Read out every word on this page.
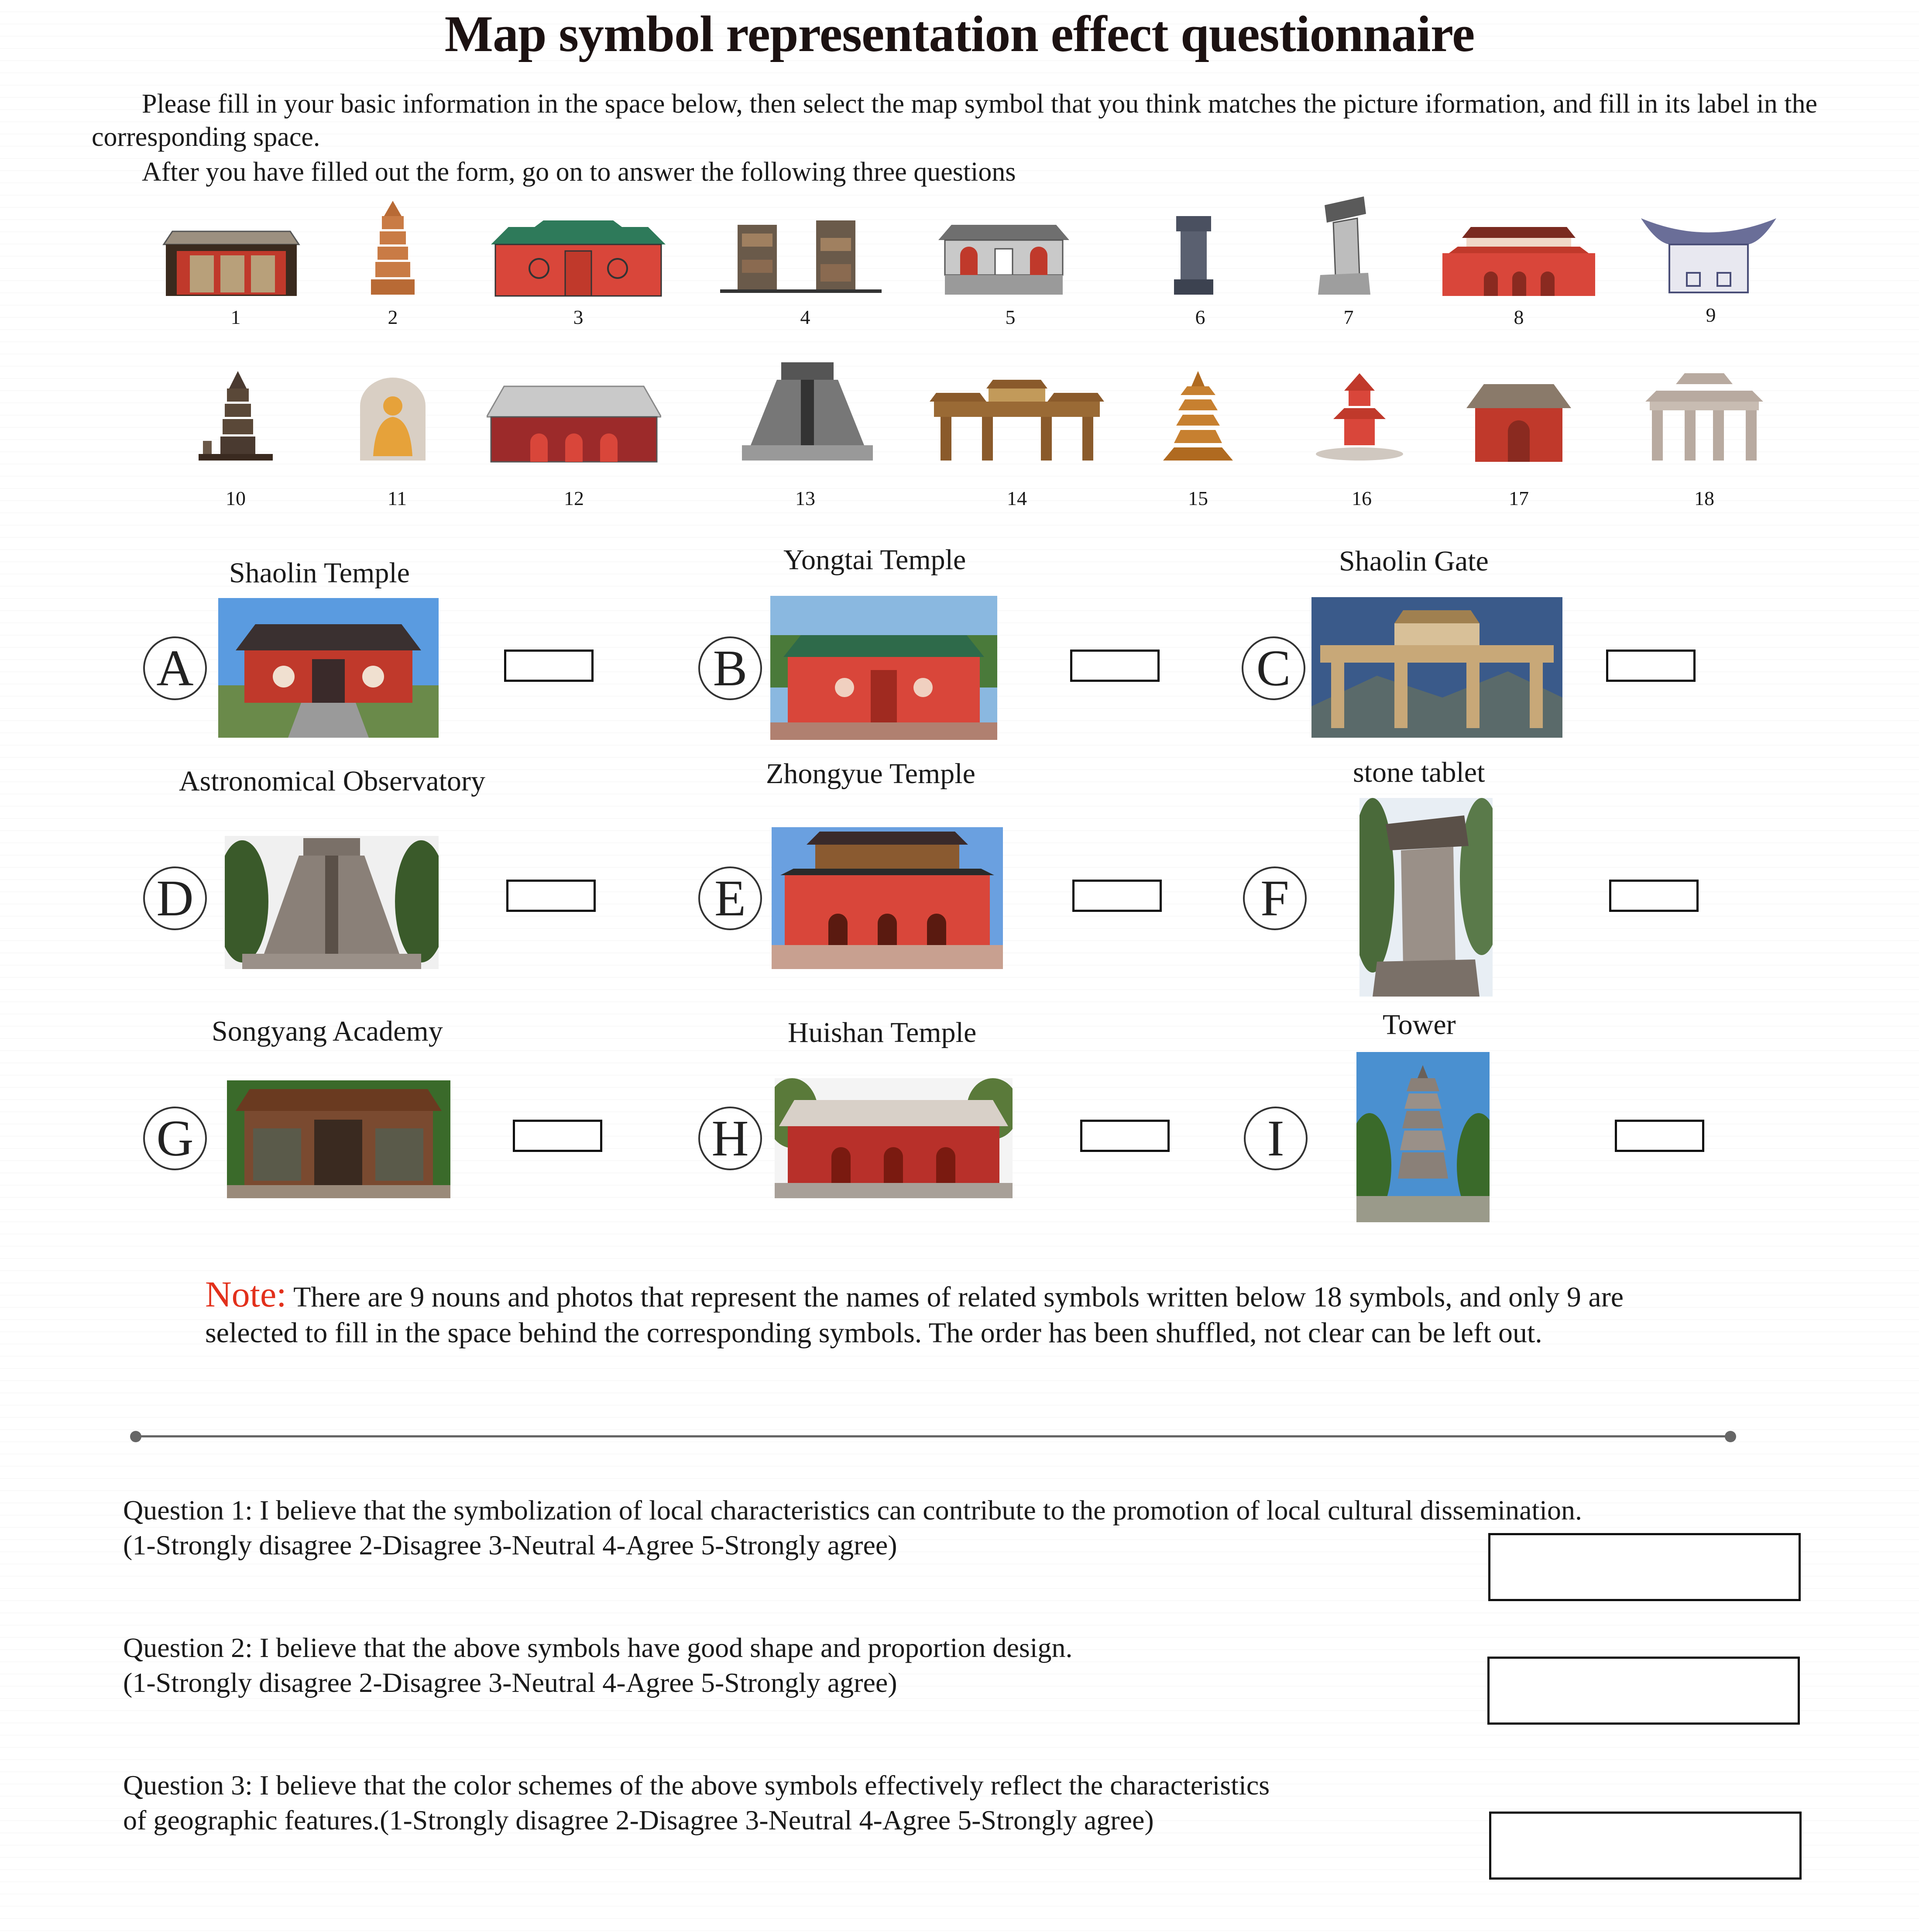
Map symbol representation effect questionnaire
Please fill in your basic information in the space below, then select the map symbol that you think matches the picture iformation, and fill in its label in the corresponding space.
After you have filled out the form, go on to answer the following three questions
1	2	3	4	5	6	7	8	9
10	11	12	13	14	15	16	17	18
Shaolin Temple
A
Yongtai Temple
B
Shaolin Gate
C
Astronomical Observatory
D
Zhongyue Temple
E
stone tablet
F
Songyang Academy
G
Huishan Temple
H
Tower
I
Note: There are 9 nouns and photos that represent the names of related symbols written below 18 symbols, and only 9 are selected to fill in the space behind the corresponding symbols. The order has been shuffled, not clear can be left out.
Question 1: I believe that the symbolization of local characteristics can contribute to the promotion of local cultural dissemination.
(1-Strongly disagree 2-Disagree 3-Neutral 4-Agree 5-Strongly agree)
Question 2: I believe that the above symbols have good shape and proportion design.
(1-Strongly disagree 2-Disagree 3-Neutral 4-Agree 5-Strongly agree)
Question 3: I believe that the color schemes of the above symbols effectively reflect the characteristics
of geographic features.(1-Strongly disagree 2-Disagree 3-Neutral 4-Agree 5-Strongly agree)
